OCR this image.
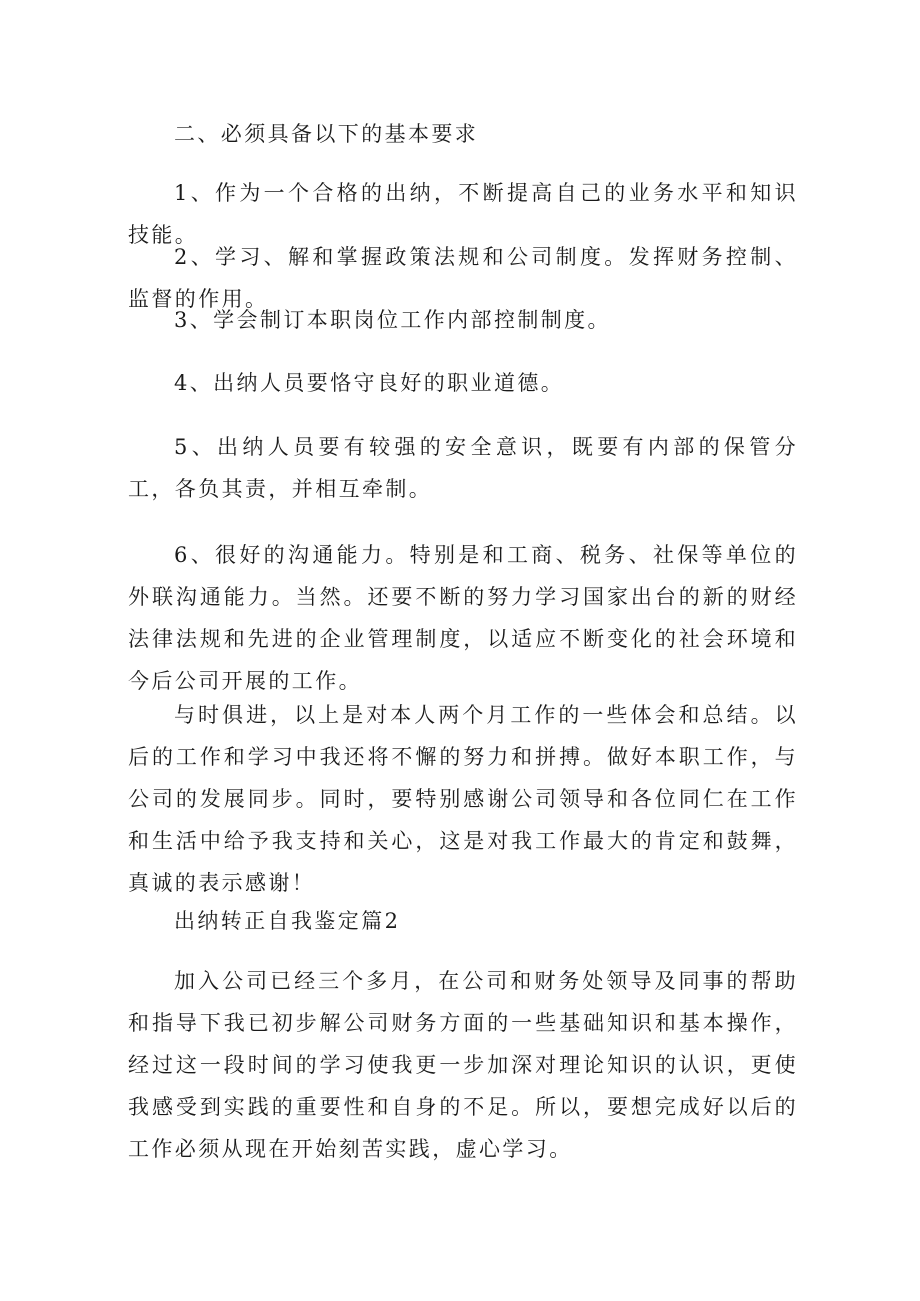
二、必须具备以下的基本要求

1、作为一个合格的出纳，不断提高自己的业务水平和知识技能。

2、学习、解和掌握政策法规和公司制度。发挥财务控制、监督的作用。

3、学会制订本职岗位工作内部控制制度。

4、出纳人员要恪守良好的职业道德。

5、出纳人员要有较强的安全意识，既要有内部的保管分工，各负其责，并相互牵制。

6、很好的沟通能力。特别是和工商、税务、社保等单位的外联沟通能力。当然。还要不断的努力学习国家出台的新的财经法律法规和先进的企业管理制度，以适应不断变化的社会环境和今后公司开展的工作。

与时俱进，以上是对本人两个月工作的一些体会和总结。以后的工作和学习中我还将不懈的努力和拼搏。做好本职工作，与公司的发展同步。同时，要特别感谢公司领导和各位同仁在工作和生活中给予我支持和关心，这是对我工作最大的肯定和鼓舞，真诚的表示感谢！

出纳转正自我鉴定篇2

加入公司已经三个多月，在公司和财务处领导及同事的帮助和指导下我已初步解公司财务方面的一些基础知识和基本操作，经过这一段时间的学习使我更一步加深对理论知识的认识，更使我感受到实践的重要性和自身的不足。所以，要想完成好以后的工作必须从现在开始刻苦实践，虚心学习。
